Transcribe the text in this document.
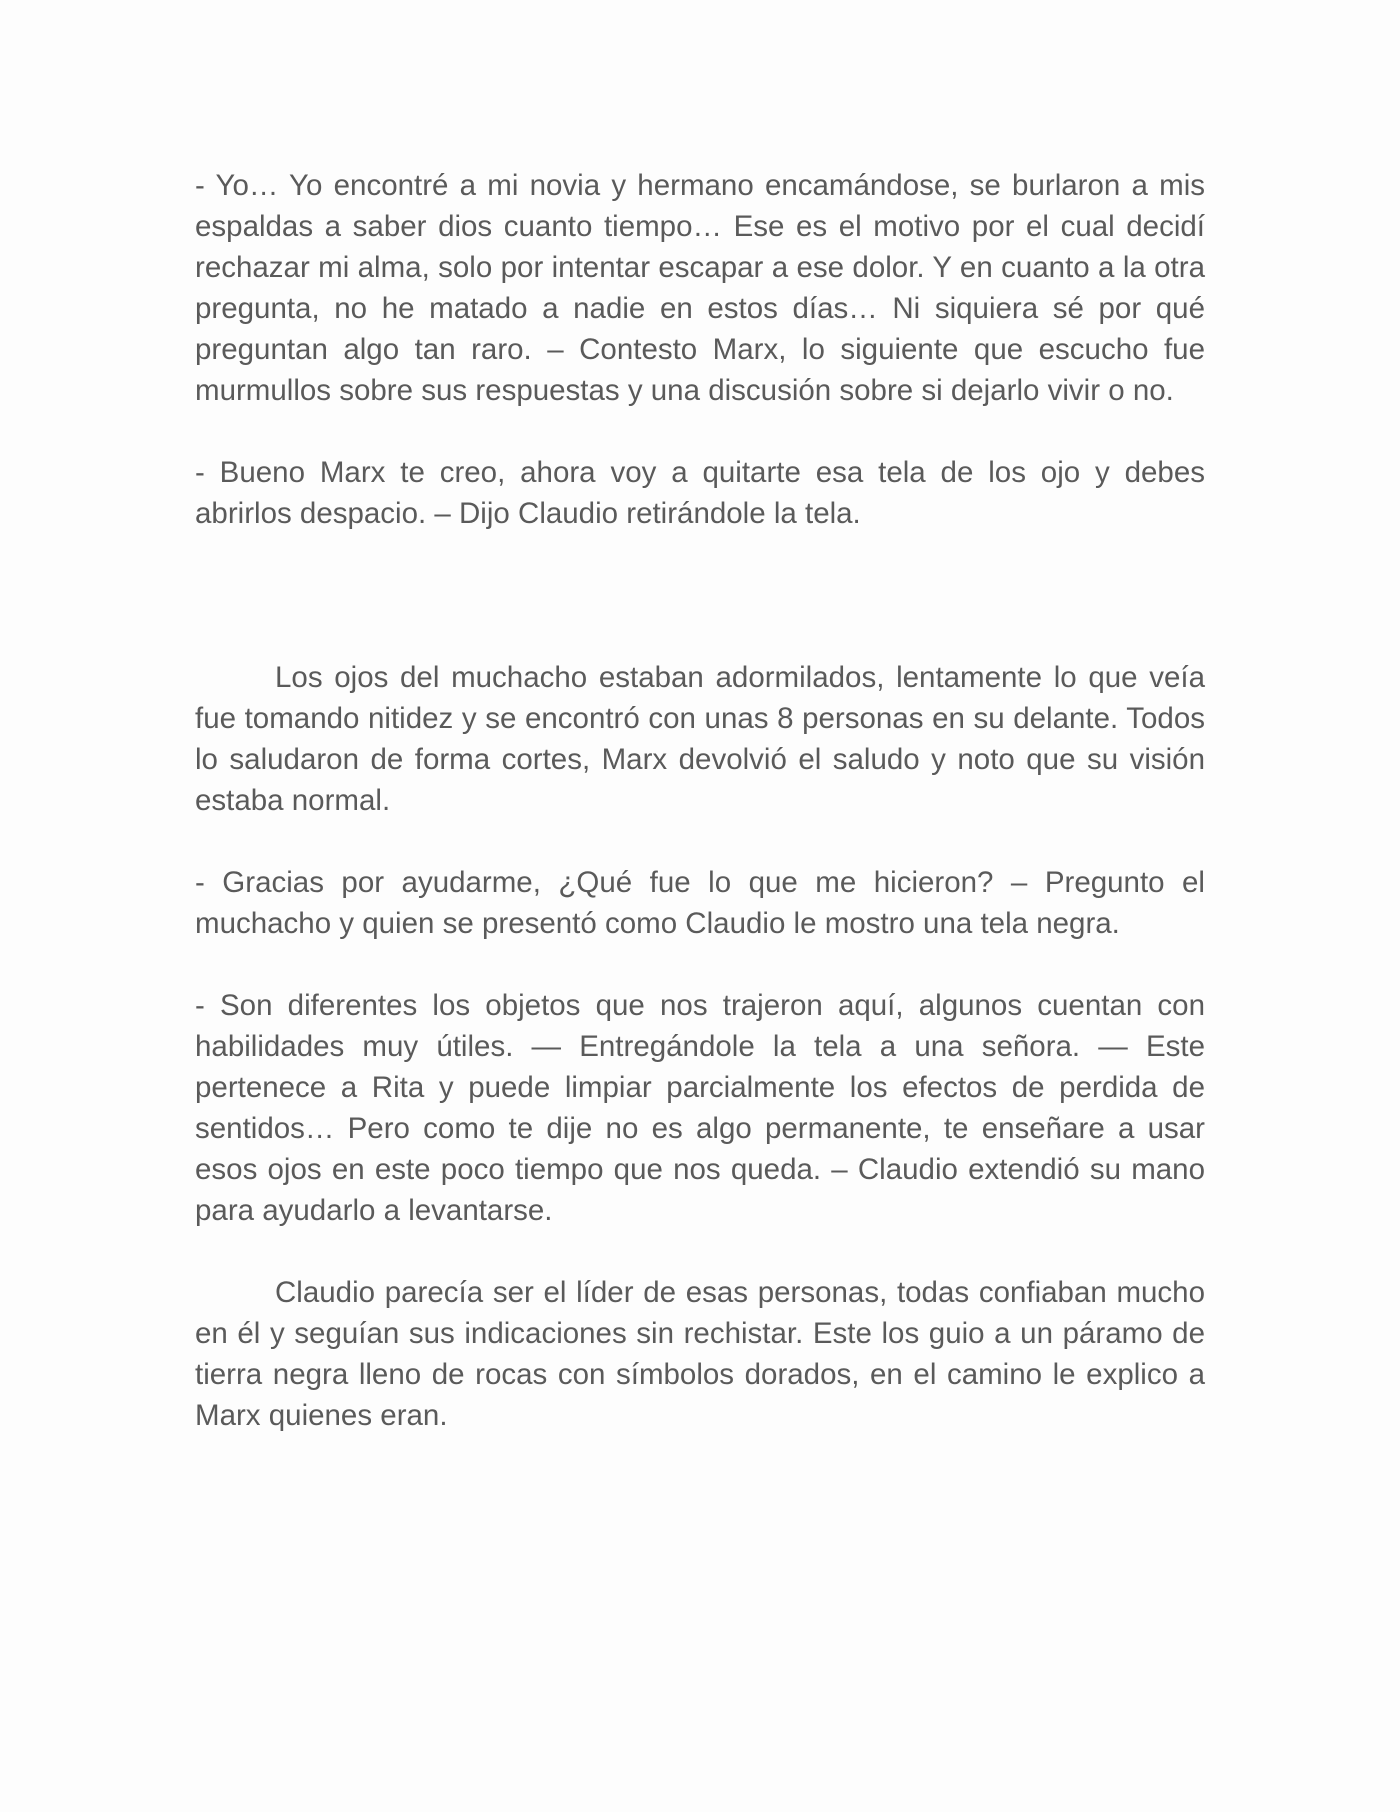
- Yo… Yo encontré a mi novia y hermano encamándose, se burlaron a mis espaldas a saber dios cuanto tiempo… Ese es el motivo por el cual decidí rechazar mi alma, solo por intentar escapar a ese dolor. Y en cuanto a la otra pregunta, no he matado a nadie en estos días… Ni siquiera sé por qué preguntan algo tan raro. – Contesto Marx, lo siguiente que escucho fue murmullos sobre sus respuestas y una discusión sobre si dejarlo vivir o no.

- Bueno Marx te creo, ahora voy a quitarte esa tela de los ojo y debes abrirlos despacio. – Dijo Claudio retirándole la tela.

Los ojos del muchacho estaban adormilados, lentamente lo que veía fue tomando nitidez y se encontró con unas 8 personas en su delante. Todos lo saludaron de forma cortes, Marx devolvió el saludo y noto que su visión estaba normal.

- Gracias por ayudarme, ¿Qué fue lo que me hicieron? – Pregunto el muchacho y quien se presentó como Claudio le mostro una tela negra.

- Son diferentes los objetos que nos trajeron aquí, algunos cuentan con habilidades muy útiles. — Entregándole la tela a una señora. — Este pertenece a Rita y puede limpiar parcialmente los efectos de perdida de sentidos… Pero como te dije no es algo permanente, te enseñare a usar esos ojos en este poco tiempo que nos queda. – Claudio extendió su mano para ayudarlo a levantarse.

Claudio parecía ser el líder de esas personas, todas confiaban mucho en él y seguían sus indicaciones sin rechistar. Este los guio a un páramo de tierra negra lleno de rocas con símbolos dorados, en el camino le explico a Marx quienes eran.
